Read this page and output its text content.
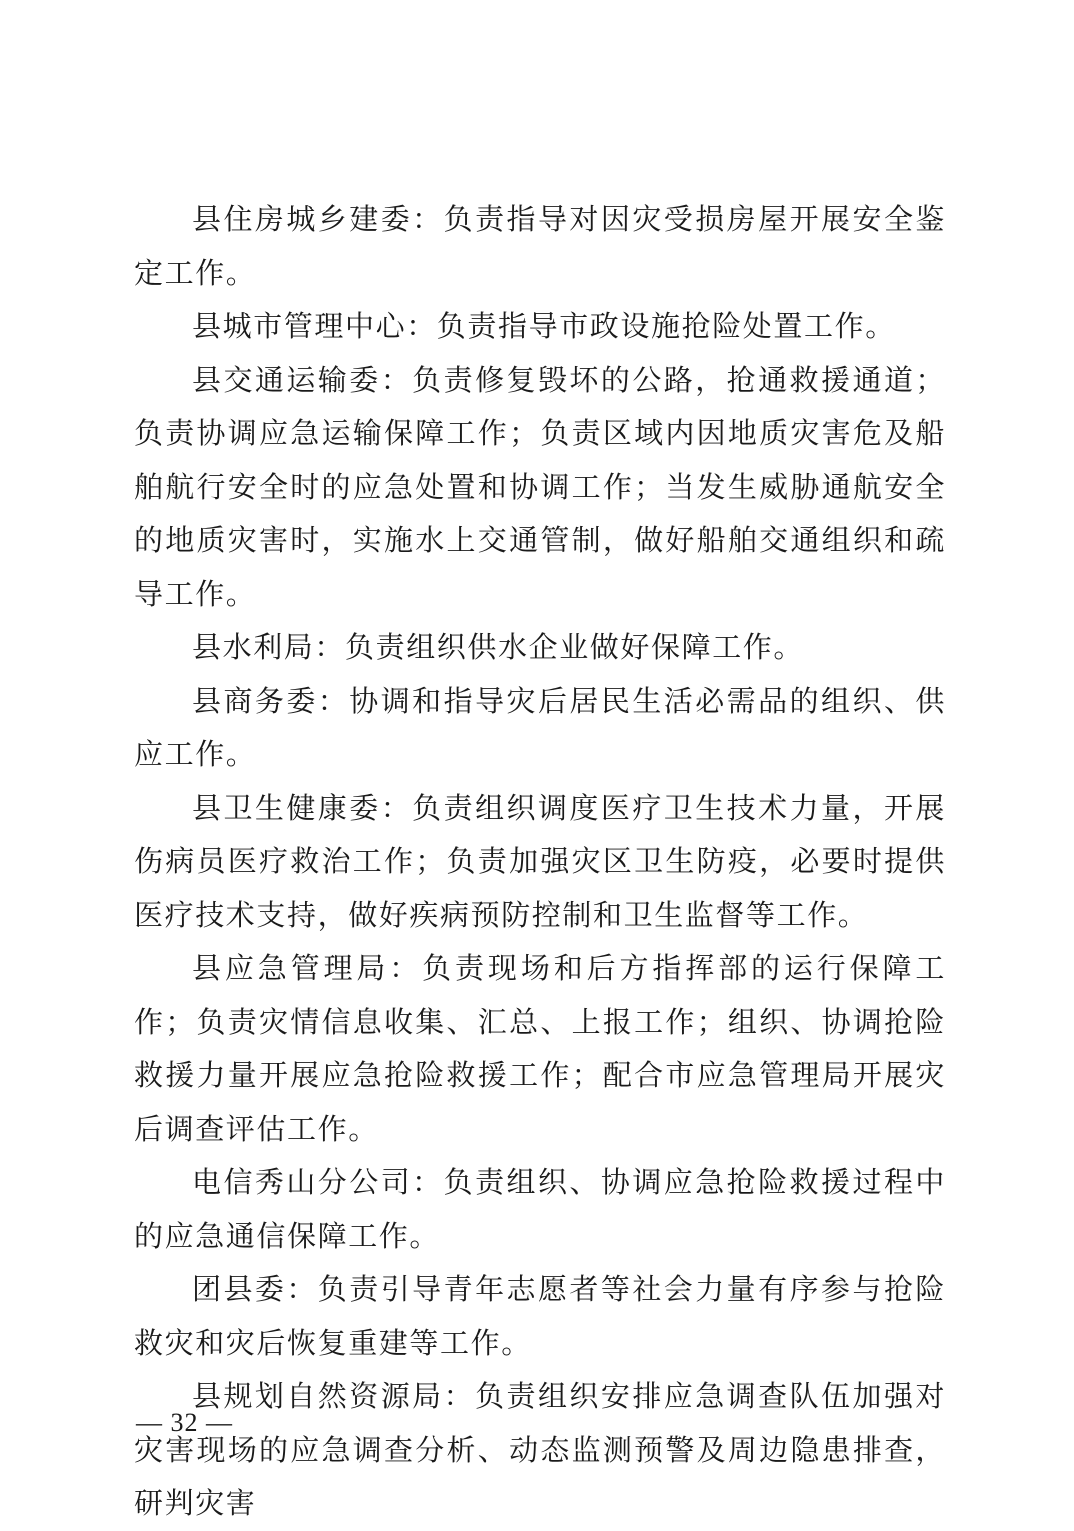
县住房城乡建委：负责指导对因灾受损房屋开展安全鉴定工作。

县城市管理中心：负责指导市政设施抢险处置工作。

县交通运输委：负责修复毁坏的公路，抢通救援通道；负责协调应急运输保障工作；负责区域内因地质灾害危及船舶航行安全时的应急处置和协调工作；当发生威胁通航安全的地质灾害时，实施水上交通管制，做好船舶交通组织和疏导工作。

县水利局：负责组织供水企业做好保障工作。

县商务委：协调和指导灾后居民生活必需品的组织、供应工作。

县卫生健康委：负责组织调度医疗卫生技术力量，开展伤病员医疗救治工作；负责加强灾区卫生防疫，必要时提供医疗技术支持，做好疾病预防控制和卫生监督等工作。

县应急管理局：负责现场和后方指挥部的运行保障工作；负责灾情信息收集、汇总、上报工作；组织、协调抢险救援力量开展应急抢险救援工作；配合市应急管理局开展灾后调查评估工作。

电信秀山分公司：负责组织、协调应急抢险救援过程中的应急通信保障工作。

团县委：负责引导青年志愿者等社会力量有序参与抢险救灾和灾后恢复重建等工作。

县规划自然资源局：负责组织安排应急调查队伍加强对灾害现场的应急调查分析、动态监测预警及周边隐患排查，研判灾害

— 32 —
